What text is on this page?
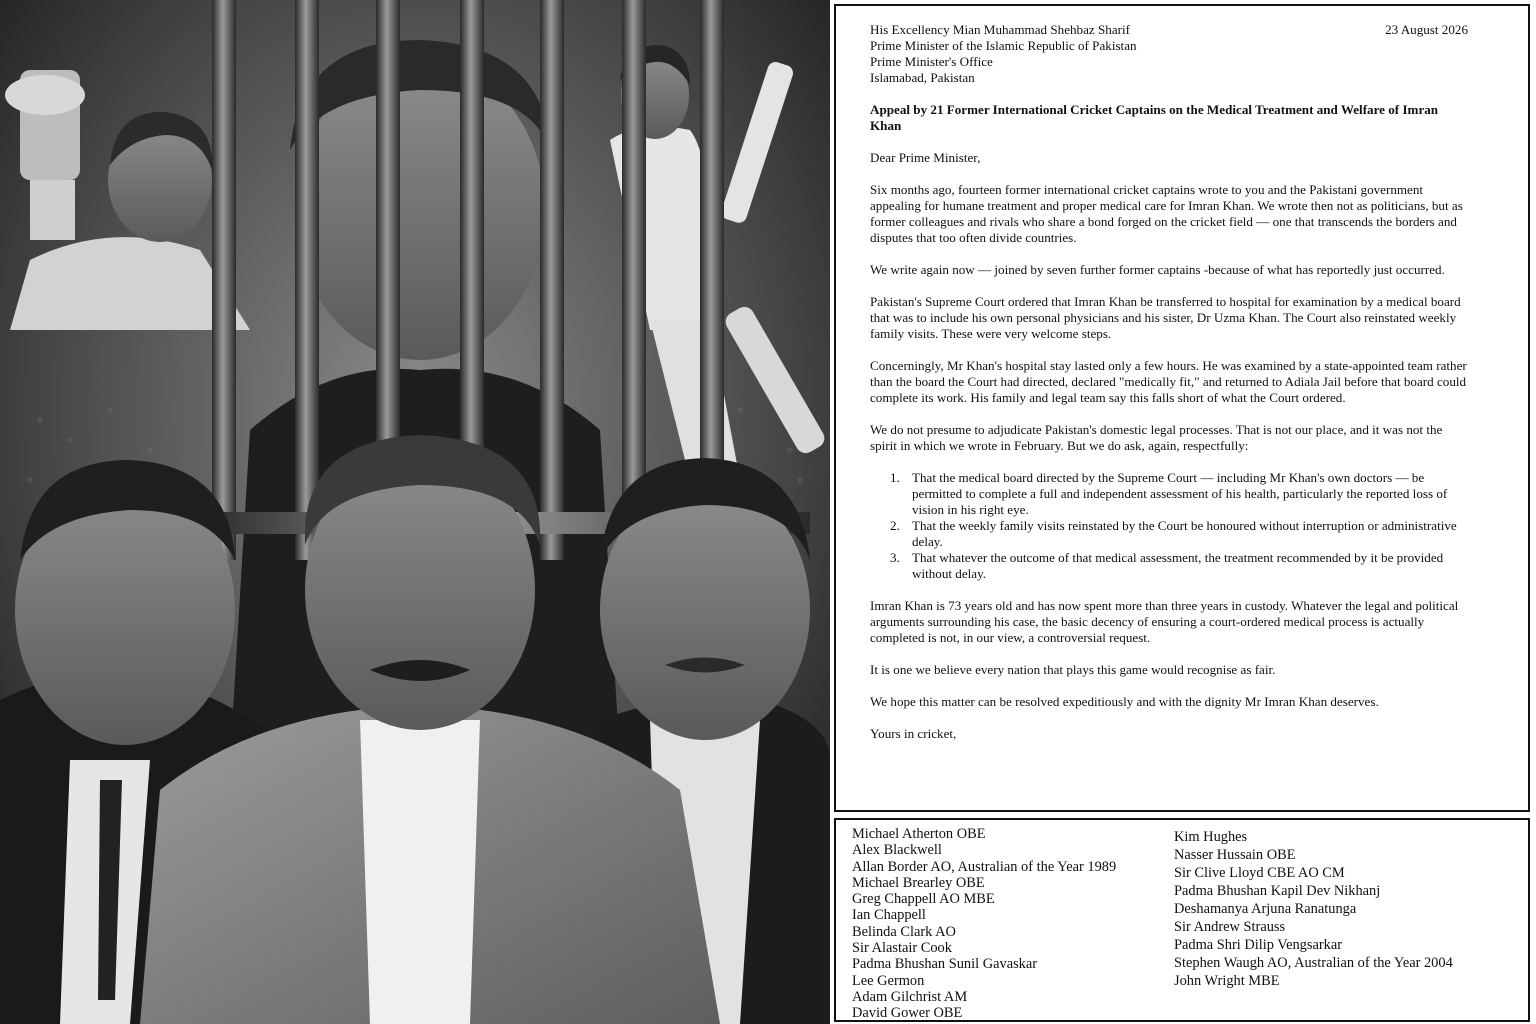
23 August 2026
His Excellency Mian Muhammad Shehbaz Sharif
Prime Minister of the Islamic Republic of Pakistan
Prime Minister's Office
Islamabad, Pakistan
Appeal by 21 Former International Cricket Captains on the Medical Treatment and Welfare of Imran Khan
Dear Prime Minister,
Six months ago, fourteen former international cricket captains wrote to you and the Pakistani government appealing for humane treatment and proper medical care for Imran Khan. We wrote then not as politicians, but as former colleagues and rivals who share a bond forged on the cricket field — one that transcends the borders and disputes that too often divide countries.
We write again now — joined by seven further former captains -because of what has reportedly just occurred.
Pakistan's Supreme Court ordered that Imran Khan be transferred to hospital for examination by a medical board that was to include his own personal physicians and his sister, Dr Uzma Khan. The Court also reinstated weekly family visits. These were very welcome steps.
Concerningly, Mr Khan's hospital stay lasted only a few hours. He was examined by a state-appointed team rather than the board the Court had directed, declared "medically fit," and returned to Adiala Jail before that board could complete its work. His family and legal team say this falls short of what the Court ordered.
We do not presume to adjudicate Pakistan's domestic legal processes. That is not our place, and it was not the spirit in which we wrote in February. But we do ask, again, respectfully:
1. That the medical board directed by the Supreme Court — including Mr Khan's own doctors — be permitted to complete a full and independent assessment of his health, particularly the reported loss of vision in his right eye.
2. That the weekly family visits reinstated by the Court be honoured without interruption or administrative delay.
3. That whatever the outcome of that medical assessment, the treatment recommended by it be provided without delay.
Imran Khan is 73 years old and has now spent more than three years in custody. Whatever the legal and political arguments surrounding his case, the basic decency of ensuring a court-ordered medical process is actually completed is not, in our view, a controversial request.
It is one we believe every nation that plays this game would recognise as fair.
We hope this matter can be resolved expeditiously and with the dignity Mr Imran Khan deserves.
Yours in cricket,
Michael Atherton OBE
Alex Blackwell
Allan Border AO, Australian of the Year 1989
Michael Brearley OBE
Greg Chappell AO MBE
Ian Chappell
Belinda Clark AO
Sir Alastair Cook
Padma Bhushan Sunil Gavaskar
Lee Germon
Adam Gilchrist AM
David Gower OBE
Kim Hughes
Nasser Hussain OBE
Sir Clive Lloyd CBE AO CM
Padma Bhushan Kapil Dev Nikhanj
Deshamanya Arjuna Ranatunga
Sir Andrew Strauss
Padma Shri Dilip Vengsarkar
Stephen Waugh AO, Australian of the Year 2004
John Wright MBE
